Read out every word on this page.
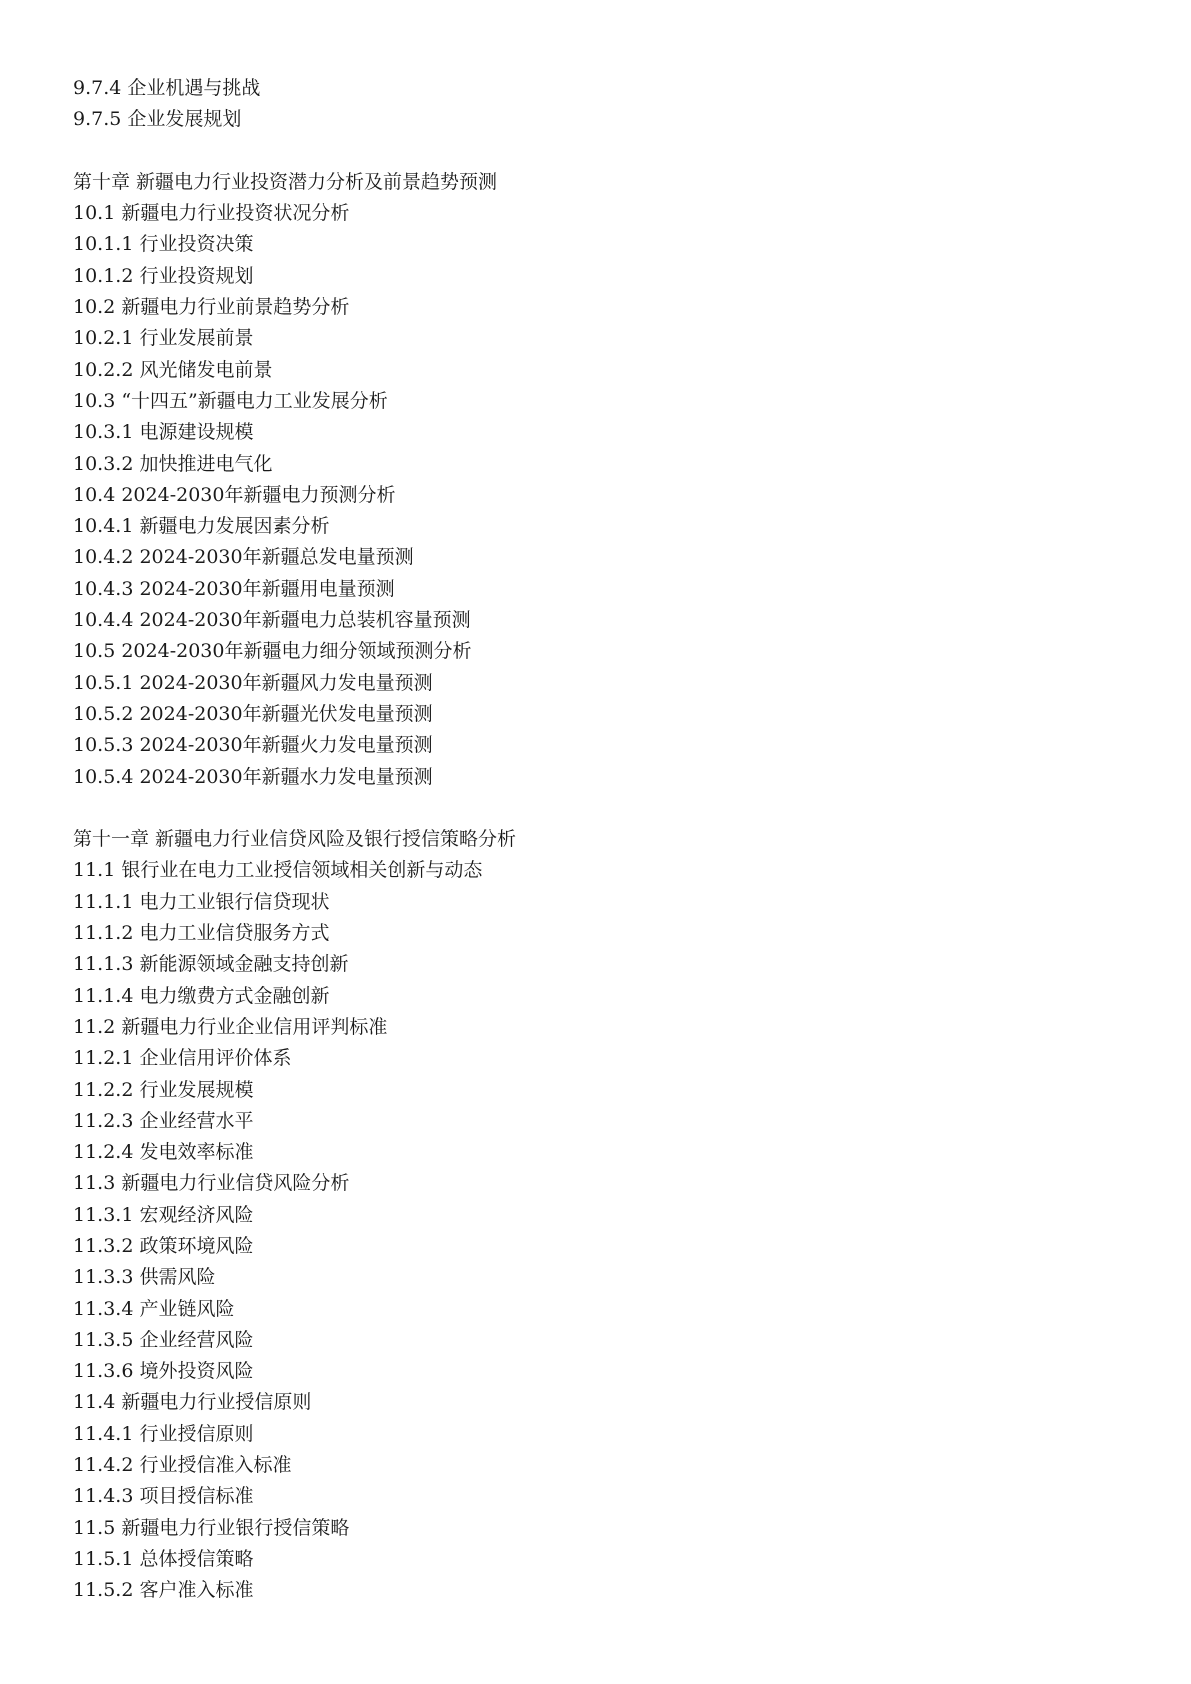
9.7.4 企业机遇与挑战
9.7.5 企业发展规划
第十章 新疆电力行业投资潜力分析及前景趋势预测
10.1 新疆电力行业投资状况分析
10.1.1 行业投资决策
10.1.2 行业投资规划
10.2 新疆电力行业前景趋势分析
10.2.1 行业发展前景
10.2.2 风光储发电前景
10.3 “十四五”新疆电力工业发展分析
10.3.1 电源建设规模
10.3.2 加快推进电气化
10.4 2024-2030年新疆电力预测分析
10.4.1 新疆电力发展因素分析
10.4.2 2024-2030年新疆总发电量预测
10.4.3 2024-2030年新疆用电量预测
10.4.4 2024-2030年新疆电力总装机容量预测
10.5 2024-2030年新疆电力细分领域预测分析
10.5.1 2024-2030年新疆风力发电量预测
10.5.2 2024-2030年新疆光伏发电量预测
10.5.3 2024-2030年新疆火力发电量预测
10.5.4 2024-2030年新疆水力发电量预测
第十一章 新疆电力行业信贷风险及银行授信策略分析
11.1 银行业在电力工业授信领域相关创新与动态
11.1.1 电力工业银行信贷现状
11.1.2 电力工业信贷服务方式
11.1.3 新能源领域金融支持创新
11.1.4 电力缴费方式金融创新
11.2 新疆电力行业企业信用评判标准
11.2.1 企业信用评价体系
11.2.2 行业发展规模
11.2.3 企业经营水平
11.2.4 发电效率标准
11.3 新疆电力行业信贷风险分析
11.3.1 宏观经济风险
11.3.2 政策环境风险
11.3.3 供需风险
11.3.4 产业链风险
11.3.5 企业经营风险
11.3.6 境外投资风险
11.4 新疆电力行业授信原则
11.4.1 行业授信原则
11.4.2 行业授信准入标准
11.4.3 项目授信标准
11.5 新疆电力行业银行授信策略
11.5.1 总体授信策略
11.5.2 客户准入标准
